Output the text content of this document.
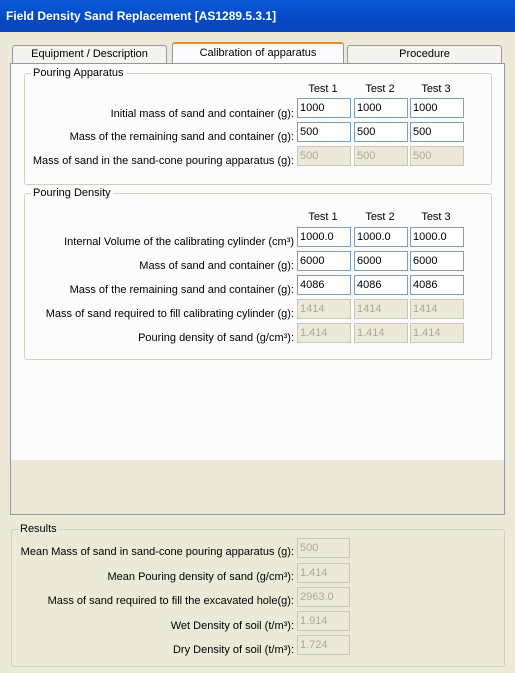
Field Density Sand Replacement [AS1289.5.3.1]
Equipment / Description	Calibration of apparatus	Procedure
Pouring Apparatus
Test 1	Test 2	Test 3
Initial mass of sand and container (g): 1000	1000	1000
Mass of the remaining sand and container (g): 500	500	500
Mass of sand in the sand-cone pouring apparatus (g): 500	500	500
Pouring Density
Test 1	Test 2	Test 3
Internal Volume of the calibrating cylinder (cm³) 1000.0	1000.0	1000.0
Mass of sand and container (g): 6000	6000	6000
Mass of the remaining sand and container (g): 4086	4086	4086
Mass of sand required to fill calibrating cylinder (g): 1414	1414	1414
Pouring density of sand (g/cm³): 1.414	1.414	1.414
Results
Mean Mass of sand in sand-cone pouring apparatus (g): 500
Mean Pouring density of sand (g/cm³): 1.414
Mass of sand required to fill the excavated hole(g): 2963.0
Wet Density of soil (t/m³): 1.914
Dry Density of soil (t/m³): 1.724
